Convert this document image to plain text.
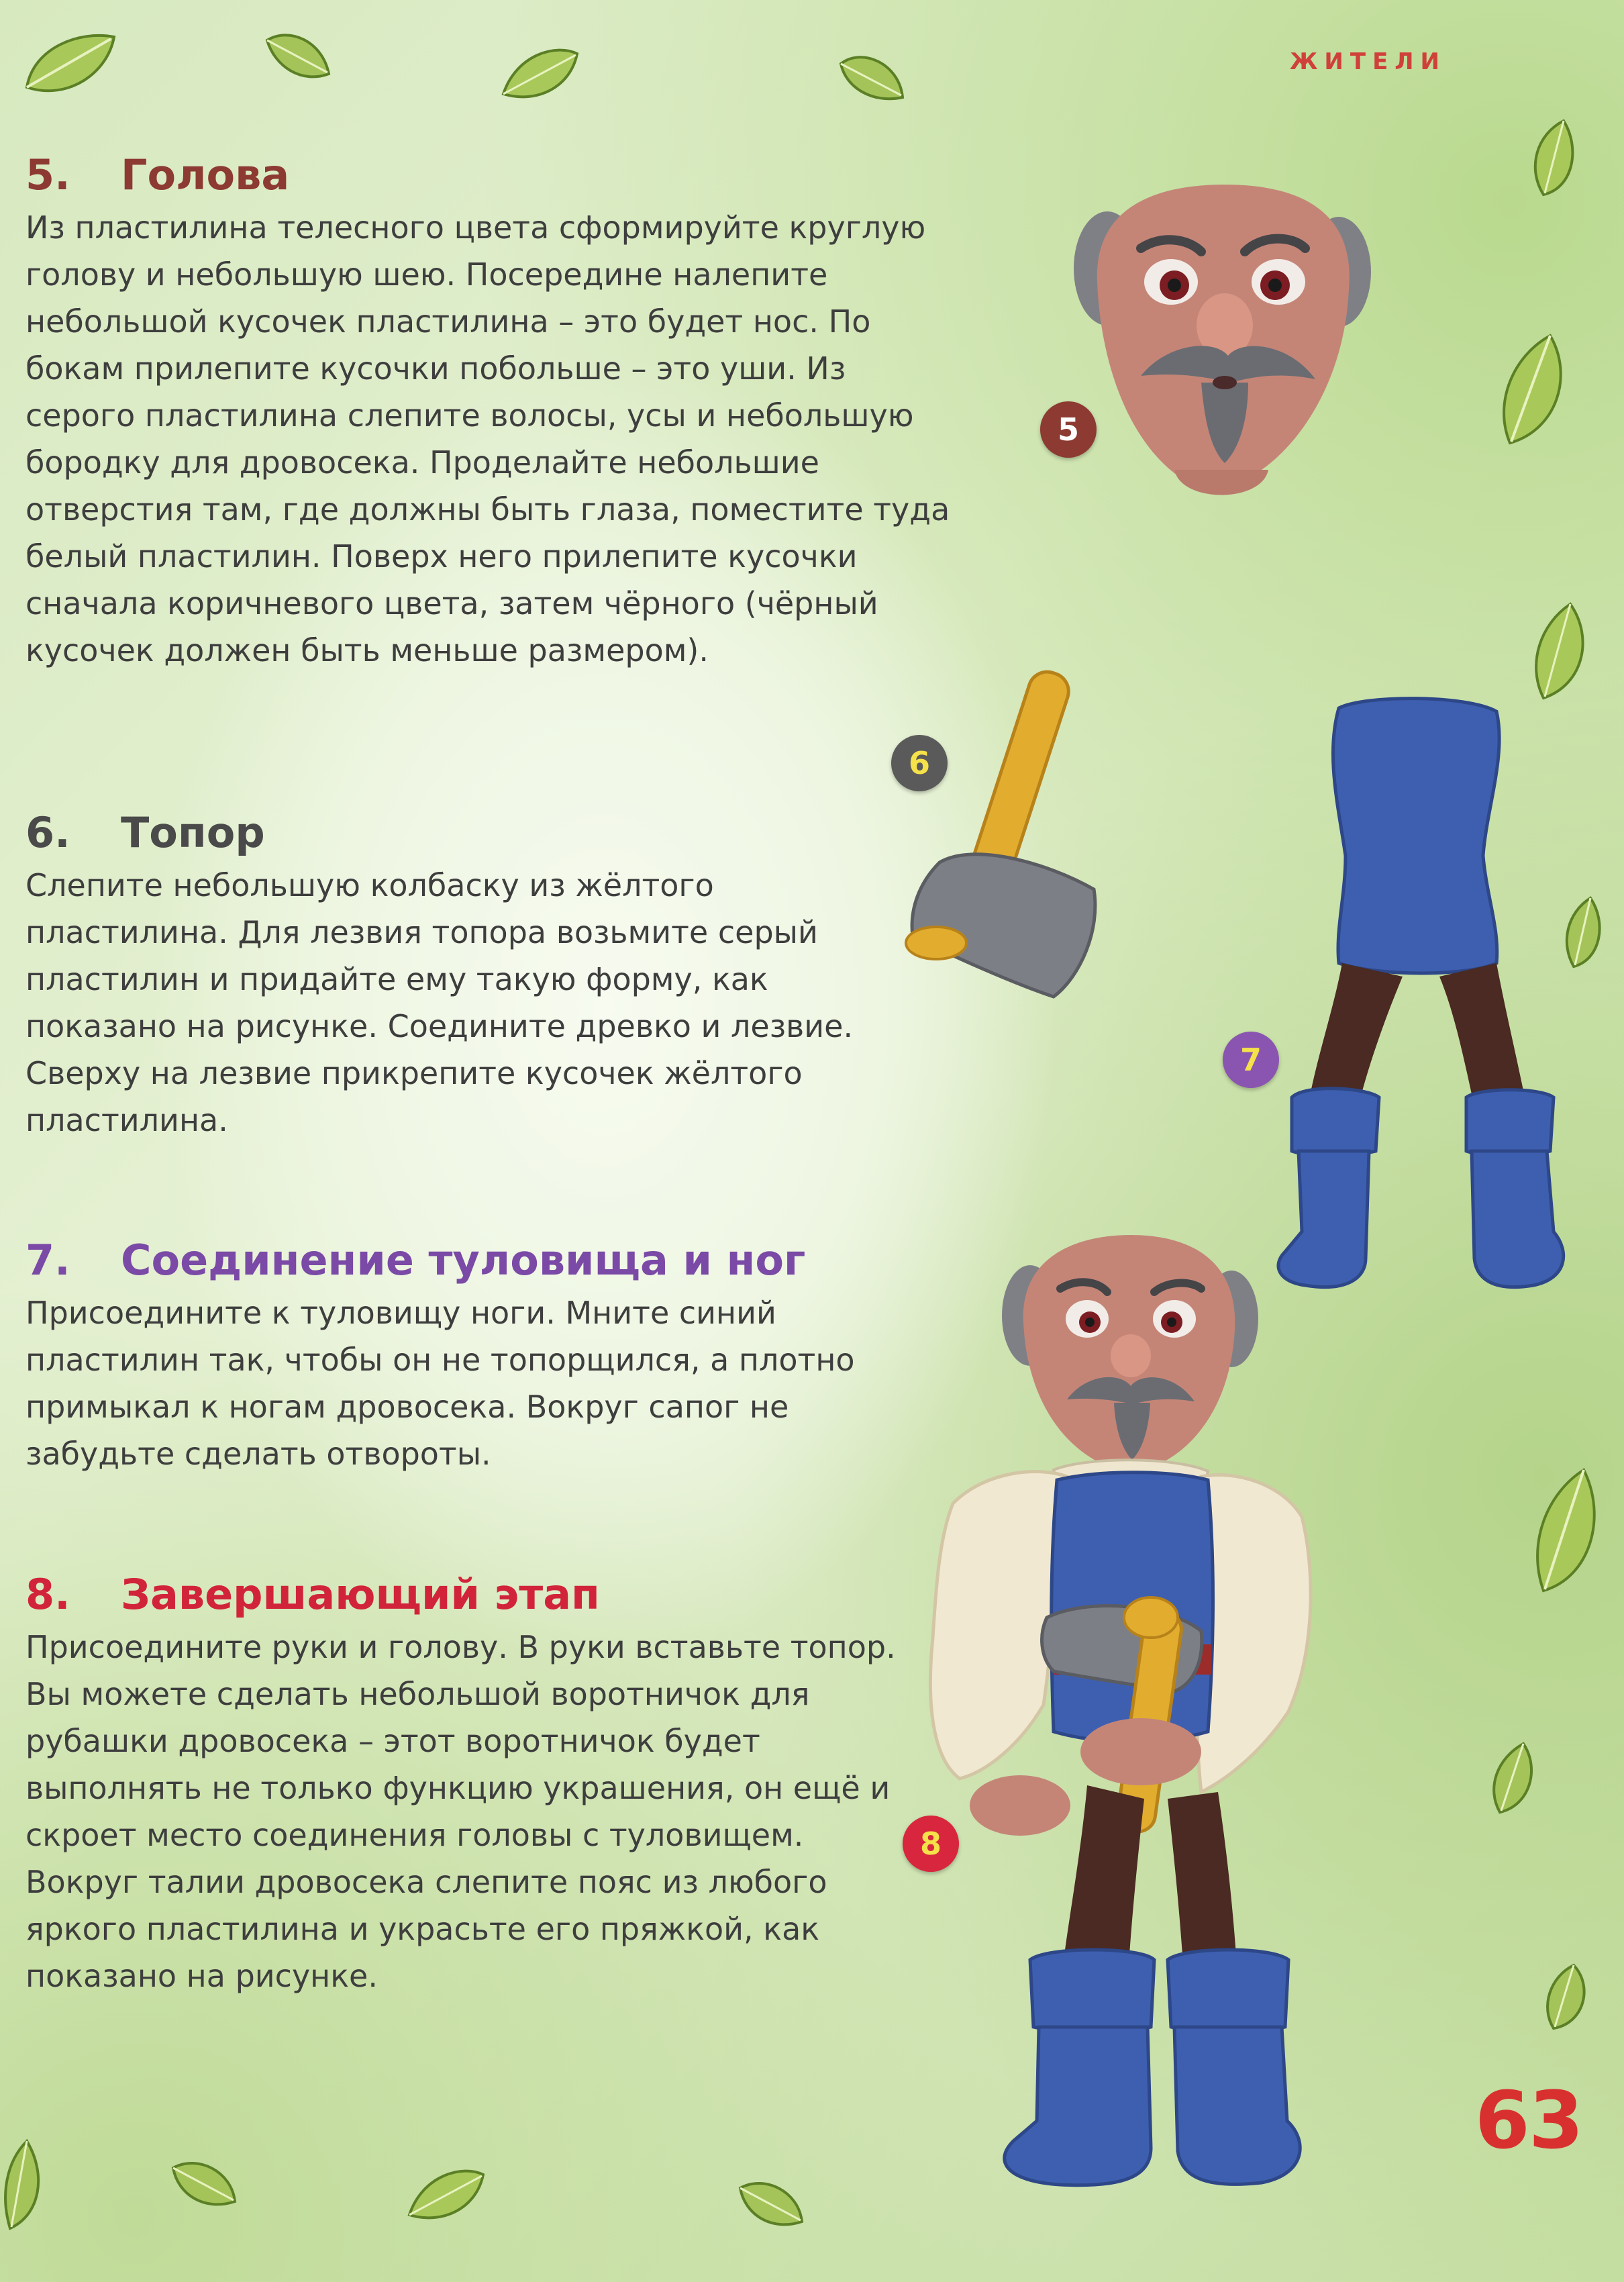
ЖИТЕЛИ
63
5.	Голова

Из пластилина телесного цвета сформируйте круглую голову и небольшую шею. Посередине налепите небольшой кусочек пластилина – это будет нос. По бокам прилепите кусочки побольше – это уши. Из серого пластилина слепите волосы, усы и небольшую бородку для дровосека. Проделайте небольшие отверстия там, где должны быть глаза, поместите туда белый пластилин. Поверх него прилепите кусочки сначала коричневого цвета, затем чёрного (чёрный кусочек должен быть меньше размером).

6.	Топор

Слепите небольшую колбаску из жёлтого пластилина. Для лезвия топора возьмите серый пластилин и придайте ему такую форму, как показано на рисунке. Соедините древко и лезвие. Сверху на лезвие прикрепите кусочек жёлтого пластилина.

7.	Соединение туловища и ног

Присоедините к туловищу ноги. Мните синий пластилин так, чтобы он не топорщился, а плотно примыкал к ногам дровосека. Вокруг сапог не забудьте сделать отвороты.

8.	Завершающий этап

Присоедините руки и голову. В руки вставьте топор. Вы можете сделать небольшой воротничок для рубашки дровосека – этот воротничок будет выполнять не только функцию украшения, он ещё и скроет место соединения головы с туловищем. Вокруг талии дровосека слепите пояс из любого яркого пластилина и украсьте его пряжкой, как показано на рисунке.

5
6
7
8
